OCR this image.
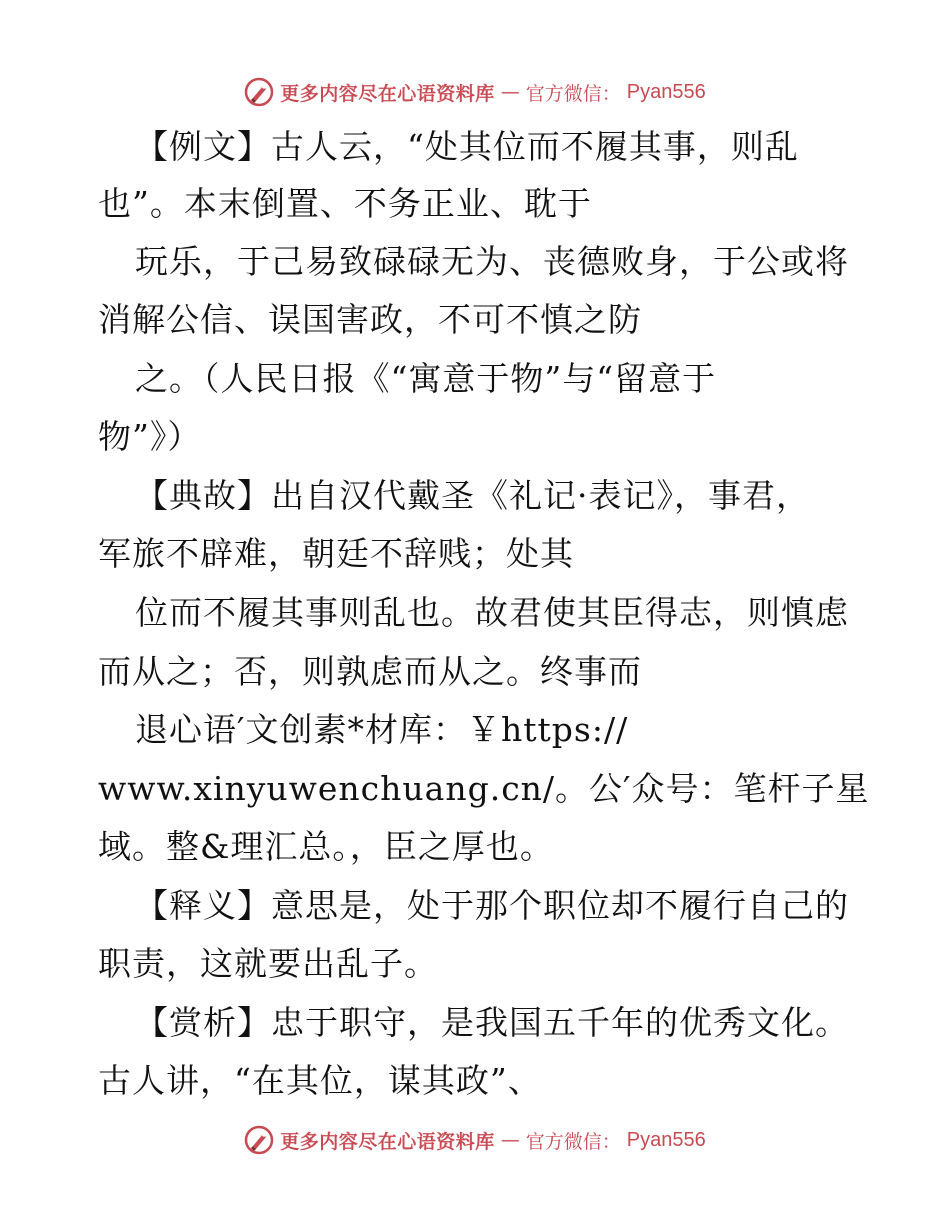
更多内容尽在心语资料库 — 官方微信： Pyan556
【例文】古人云，“处其位而不履其事，则乱
也”。本末倒置、不务正业、耽于
玩乐，于己易致碌碌无为、丧德败身，于公或将
消解公信、误国害政，不可不慎之防
之。（人民日报《“寓意于物”与“留意于
物”》）
【典故】出自汉代戴圣《礼记·表记》，事君，
军旅不辟难，朝廷不辞贱；处其
位而不履其事则乱也。故君使其臣得志，则慎虑
而从之；否，则孰虑而从之。终事而
退心语′文创素*材库：￥https://
www.xinyuwenchuang.cn/。公′众号：笔杆子星
域。整&理汇总。，臣之厚也。
【释义】意思是，处于那个职位却不履行自己的
职责，这就要出乱子。
【赏析】忠于职守，是我国五千年的优秀文化。
古人讲，“在其位，谋其政”、
更多内容尽在心语资料库 — 官方微信： Pyan556
